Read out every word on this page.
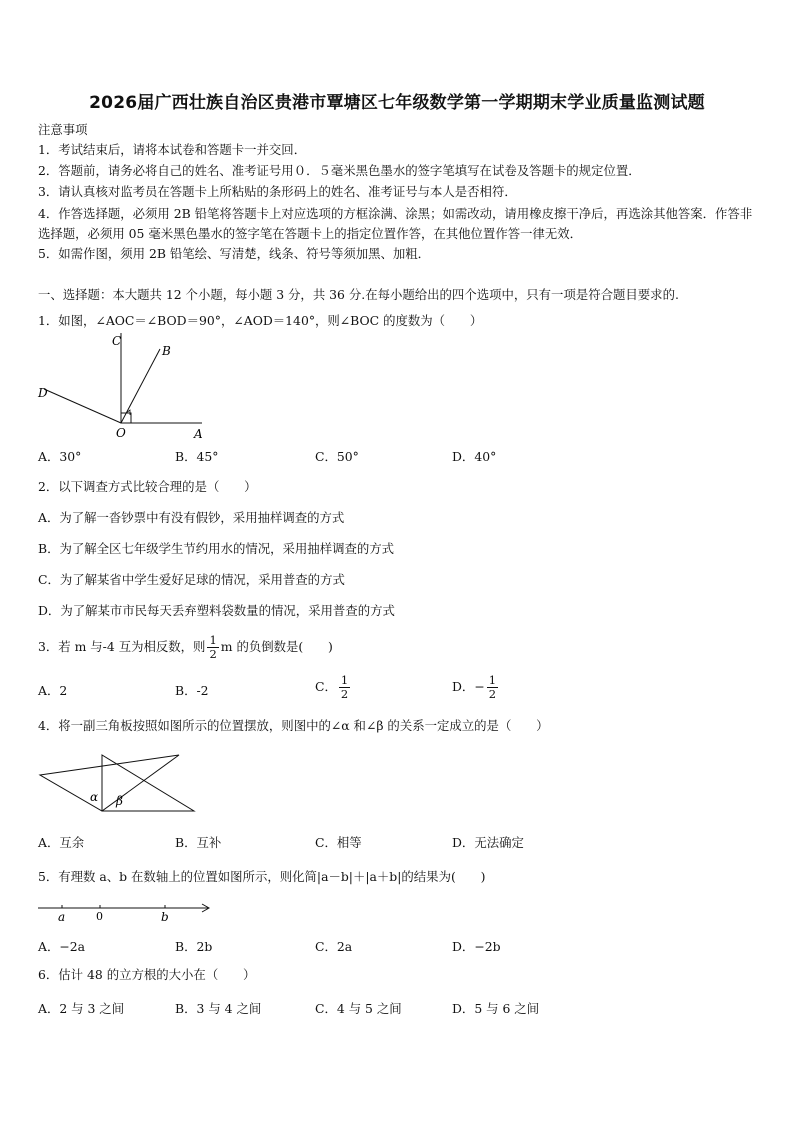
2026届广西壮族自治区贵港市覃塘区七年级数学第一学期期末学业质量监测试题
注意事项
1．考试结束后，请将本试卷和答题卡一并交回．
2．答题前，请务必将自己的姓名、准考证号用０．５毫米黑色墨水的签字笔填写在试卷及答题卡的规定位置．
3．请认真核对监考员在答题卡上所粘贴的条形码上的姓名、准考证号与本人是否相符．
4．作答选择题，必须用 2B 铅笔将答题卡上对应选项的方框涂满、涂黑；如需改动，请用橡皮擦干净后，再选涂其他答案．作答非选择题，必须用 05 毫米黑色墨水的签字笔在答题卡上的指定位置作答，在其他位置作答一律无效．
5．如需作图，须用 2B 铅笔绘、写清楚，线条、符号等须加黑、加粗．
一、选择题：本大题共 12 个小题，每小题 3 分，共 36 分.在每小题给出的四个选项中，只有一项是符合题目要求的.
1．如图，∠AOC＝∠BOD＝90°，∠AOD＝140°，则∠BOC 的度数为（　　）
C
B
D
O	A
A．30°	B．45°	C．50°	D．40°
2．以下调查方式比较合理的是（　　）
A．为了解一沓钞票中有没有假钞，采用抽样调查的方式
B．为了解全区七年级学生节约用水的情况，采用抽样调查的方式
C．为了解某省中学生爱好足球的情况，采用普查的方式
D．为了解某市市民每天丢弃塑料袋数量的情况，采用普查的方式
3．若 m 与-4 互为相反数，则 $\frac{1}{2}$ m 的负倒数是(　　)
A．2	B．-2	C． $\frac{1}{2}$	D．− $\frac{1}{2}$
4．将一副三角板按照如图所示的位置摆放，则图中的∠α 和∠β 的关系一定成立的是（　　）
α β
A．互余	B．互补	C．相等	D．无法确定
5．有理数 a、b 在数轴上的位置如图所示，则化简|a－b|＋|a＋b|的结果为(　　)
a	0	b
A．−2a	B．2b	C．2a	D．−2b
6．估计 48 的立方根的大小在（　　）
A．2 与 3 之间	B．3 与 4 之间	C．4 与 5 之间	D．5 与 6 之间
